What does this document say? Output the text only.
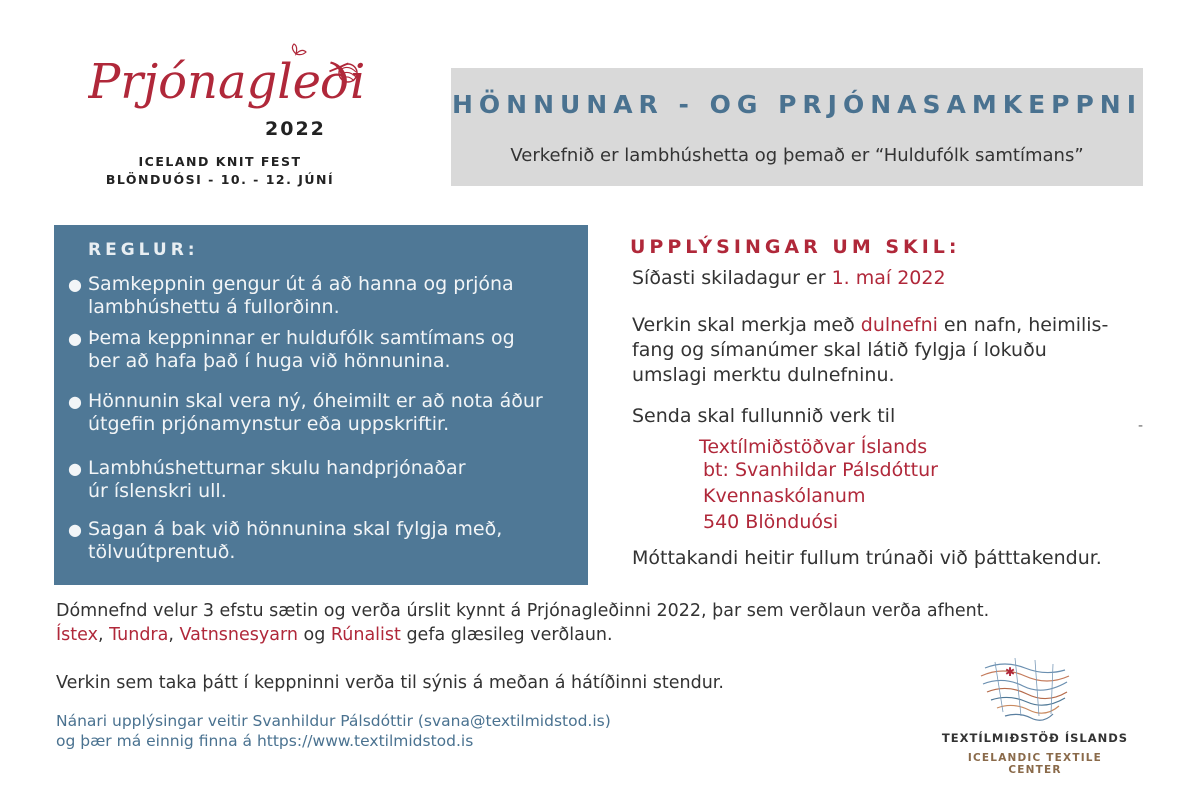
Prjónagleði
2022
ICELAND KNIT FEST
BLÖNDUÓSI - 10. - 12. JÚNÍ
HÖNNUNAR - OG PRJÓNASAMKEPPNI
Verkefnið er lambhúshetta og þemað er “Huldufólk samtímans”
REGLUR:
● Samkeppnin gengur út á að hanna og prjóna
lambhúshettu á fullorðinn.
● Þema keppninnar er huldufólk samtímans og
ber að hafa það í huga við hönnunina.
● Hönnunin skal vera ný, óheimilt er að nota áður
útgefin prjónamynstur eða uppskriftir.
● Lambhúshetturnar skulu handprjónaðar
úr íslenskri ull.
● Sagan á bak við hönnunina skal fylgja með,
tölvuútprentuð.
UPPLÝSINGAR UM SKIL:
Síðasti skiladagur er 1. maí 2022
Verkin skal merkja með dulnefni en nafn, heimilis-
fang og símanúmer skal látið fylgja í lokuðu
umslagi merktu dulnefninu.
Senda skal fullunnið verk til	-
Textílmiðstöðvar Íslands
bt: Svanhildar Pálsdóttur
Kvennaskólanum
540 Blönduósi
Móttakandi heitir fullum trúnaði við þátttakendur.
Dómnefnd velur 3 efstu sætin og verða úrslit kynnt á Prjónagleðinni 2022, þar sem verðlaun verða afhent.
Ístex, Tundra, Vatnsnesyarn og Rúnalist gefa glæsileg verðlaun.
Verkin sem taka þátt í keppninni verða til sýnis á meðan á hátíðinni stendur.
Nánari upplýsingar veitir Svanhildur Pálsdóttir (svana@textilmidstod.is)
og þær má einnig finna á https://www.textilmidstod.is
✱
TEXTÍLMIÐSTÖÐ ÍSLANDS
ICELANDIC TEXTILE CENTER
